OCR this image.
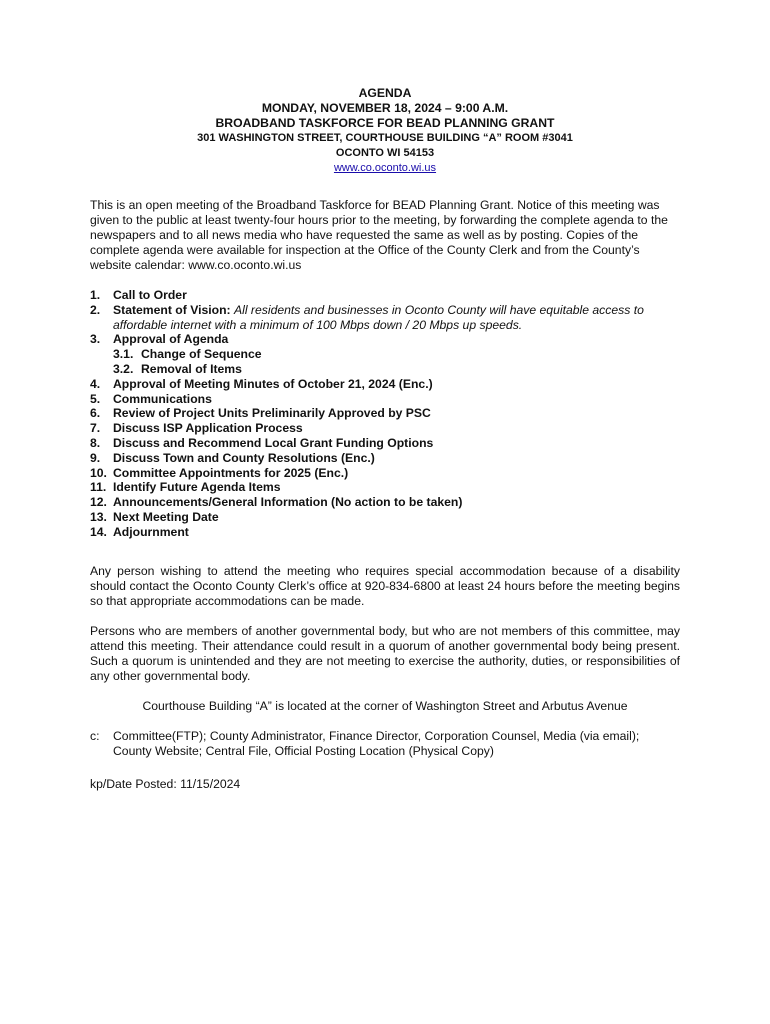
AGENDA
MONDAY, NOVEMBER 18, 2024 – 9:00 A.M.
BROADBAND TASKFORCE FOR BEAD PLANNING GRANT
301 WASHINGTON STREET, COURTHOUSE BUILDING “A” ROOM #3041
OCONTO WI 54153
www.co.oconto.wi.us

This is an open meeting of the Broadband Taskforce for BEAD Planning Grant. Notice of this meeting was given to the public at least twenty-four hours prior to the meeting, by forwarding the complete agenda to the newspapers and to all news media who have requested the same as well as by posting. Copies of the complete agenda were available for inspection at the Office of the County Clerk and from the County’s website calendar: www.co.oconto.wi.us

1. Call to Order
2. Statement of Vision: All residents and businesses in Oconto County will have equitable access to affordable internet with a minimum of 100 Mbps down / 20 Mbps up speeds.
3. Approval of Agenda
3.1. Change of Sequence
3.2. Removal of Items
4. Approval of Meeting Minutes of October 21, 2024 (Enc.)
5. Communications
6. Review of Project Units Preliminarily Approved by PSC
7. Discuss ISP Application Process
8. Discuss and Recommend Local Grant Funding Options
9. Discuss Town and County Resolutions (Enc.)
10. Committee Appointments for 2025 (Enc.)
11. Identify Future Agenda Items
12. Announcements/General Information (No action to be taken)
13. Next Meeting Date
14. Adjournment

Any person wishing to attend the meeting who requires special accommodation because of a disability should contact the Oconto County Clerk’s office at 920-834-6800 at least 24 hours before the meeting begins so that appropriate accommodations can be made.

Persons who are members of another governmental body, but who are not members of this committee, may attend this meeting. Their attendance could result in a quorum of another governmental body being present. Such a quorum is unintended and they are not meeting to exercise the authority, duties, or responsibilities of any other governmental body.

Courthouse Building “A” is located at the corner of Washington Street and Arbutus Avenue

c: Committee(FTP); County Administrator, Finance Director, Corporation Counsel, Media (via email);
County Website; Central File, Official Posting Location (Physical Copy)

kp/Date Posted: 11/15/2024
